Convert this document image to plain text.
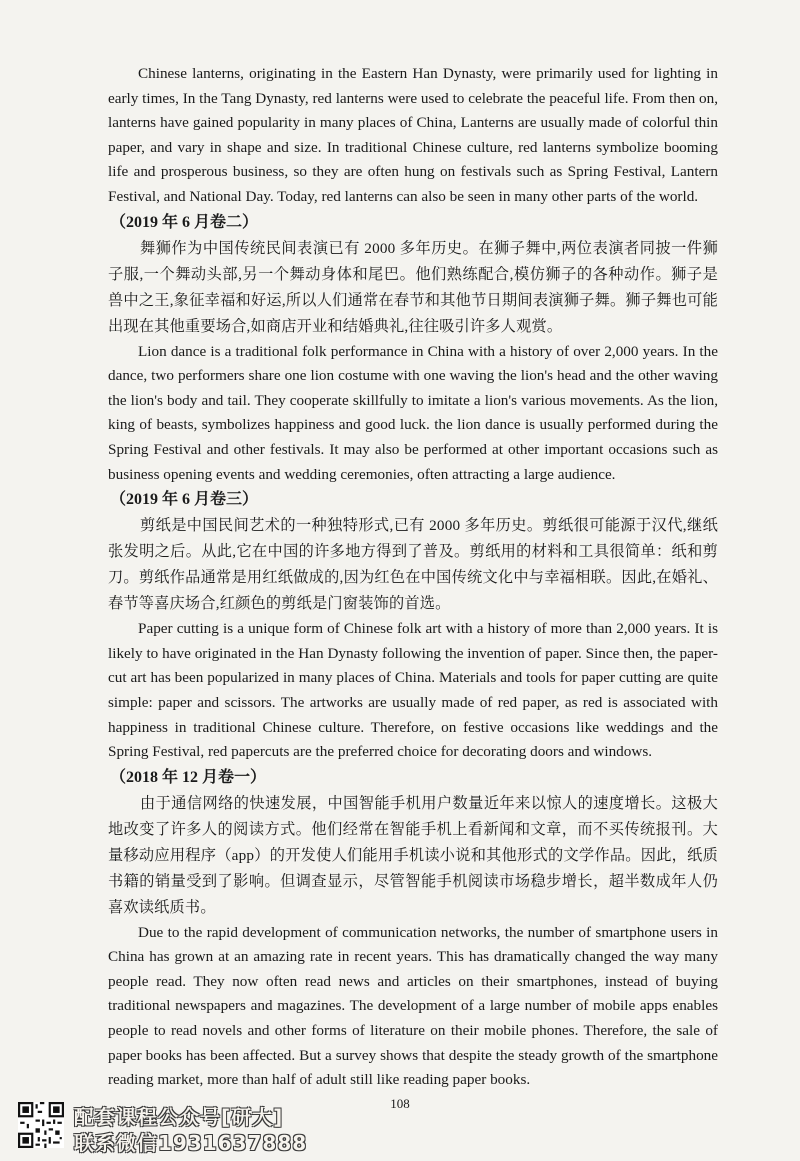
Chinese lanterns, originating in the Eastern Han Dynasty, were primarily used for lighting in early times, In the Tang Dynasty, red lanterns were used to celebrate the peaceful life. From then on, lanterns have gained popularity in many places of China, Lanterns are usually made of colorful thin paper, and vary in shape and size. In traditional Chinese culture, red lanterns symbolize booming life and prosperous business, so they are often hung on festivals such as Spring Festival, Lantern Festival, and National Day. Today, red lanterns can also be seen in many other parts of the world.

（2019 年 6 月卷二）

舞狮作为中国传统民间表演已有 2000 多年历史。在狮子舞中,两位表演者同披一件狮子服,一个舞动头部,另一个舞动身体和尾巴。他们熟练配合,模仿狮子的各种动作。狮子是兽中之王,象征幸福和好运,所以人们通常在春节和其他节日期间表演狮子舞。狮子舞也可能出现在其他重要场合,如商店开业和结婚典礼,往往吸引许多人观赏。

Lion dance is a traditional folk performance in China with a history of over 2,000 years. In the dance, two performers share one lion costume with one waving the lion's head and the other waving the lion's body and tail. They cooperate skillfully to imitate a lion's various movements. As the lion, king of beasts, symbolizes happiness and good luck. the lion dance is usually performed during the Spring Festival and other festivals. It may also be performed at other important occasions such as business opening events and wedding ceremonies, often attracting a large audience.

（2019 年 6 月卷三）

剪纸是中国民间艺术的一种独特形式,已有 2000 多年历史。剪纸很可能源于汉代,继纸张发明之后。从此,它在中国的许多地方得到了普及。剪纸用的材料和工具很简单：纸和剪刀。剪纸作品通常是用红纸做成的,因为红色在中国传统文化中与幸福相联。因此,在婚礼、春节等喜庆场合,红颜色的剪纸是门窗装饰的首选。

Paper cutting is a unique form of Chinese folk art with a history of more than 2,000 years. It is likely to have originated in the Han Dynasty following the invention of paper. Since then, the paper-cut art has been popularized in many places of China. Materials and tools for paper cutting are quite simple: paper and scissors. The artworks are usually made of red paper, as red is associated with happiness in traditional Chinese culture. Therefore, on festive occasions like weddings and the Spring Festival, red papercuts are the preferred choice for decorating doors and windows.

（2018 年 12 月卷一）

由于通信网络的快速发展，中国智能手机用户数量近年来以惊人的速度增长。这极大地改变了许多人的阅读方式。他们经常在智能手机上看新闻和文章，而不买传统报刊。大量移动应用程序（app）的开发使人们能用手机读小说和其他形式的文学作品。因此，纸质书籍的销量受到了影响。但调查显示，尽管智能手机阅读市场稳步增长，超半数成年人仍喜欢读纸质书。

Due to the rapid development of communication networks, the number of smartphone users in China has grown at an amazing rate in recent years. This has dramatically changed the way many people read. They now often read news and articles on their smartphones, instead of buying traditional newspapers and magazines. The development of a large number of mobile apps enables people to read novels and other forms of literature on their mobile phones. Therefore, the sale of paper books has been affected. But a survey shows that despite the steady growth of the smartphone reading market, more than half of adult still like reading paper books.

108
配套课程公众号[研大]
联系微信1931637888
